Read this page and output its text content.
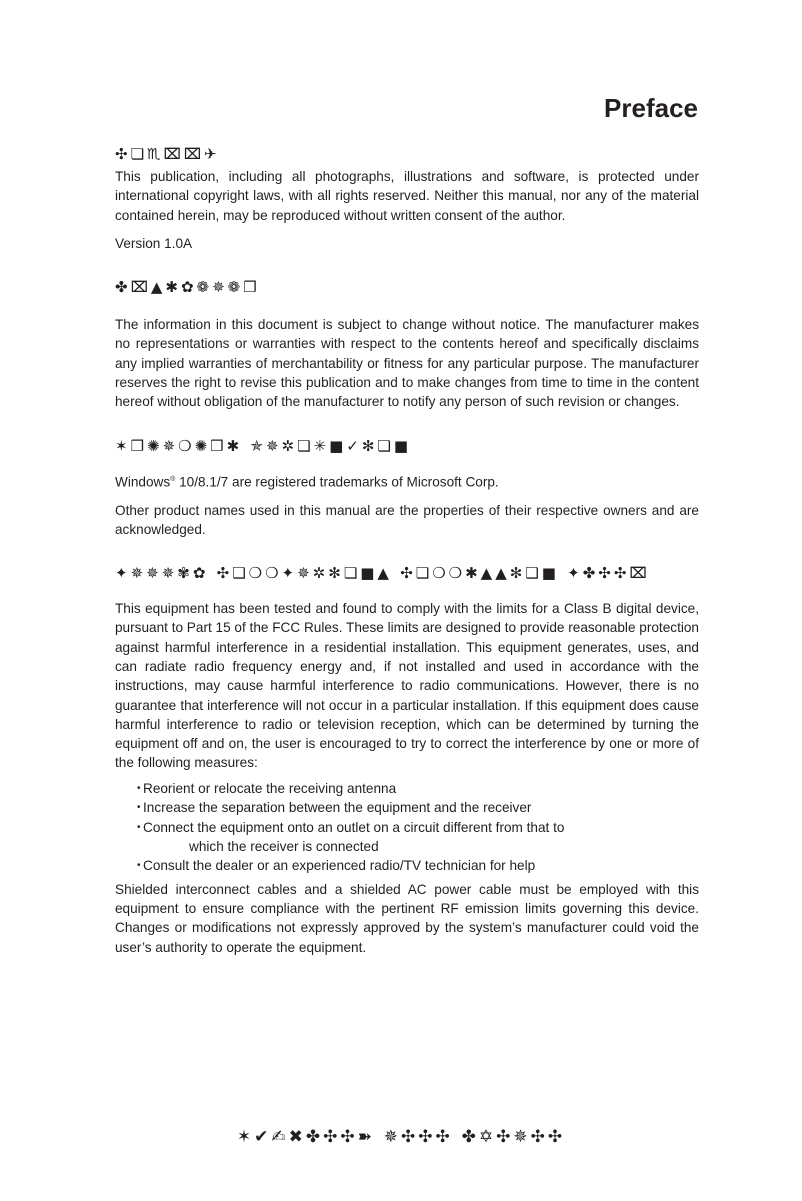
Preface
✣❏♏⌧⌧✈

This publication, including all photographs, illustrations and software, is protected under international copyright laws, with all rights reserved. Neither this manual, nor any of the material contained herein, may be reproduced without written consent of the author.

Version 1.0A

✤⌧▲✱✿❁✵❁❒

The information in this document is subject to change without notice. The manufacturer makes no representations or warranties with respect to the contents hereof and specifically disclaims any implied warranties of merchantability or fitness for any particular purpose. The manufacturer reserves the right to revise this publication and to make changes from time to time in the content hereof without obligation of the manufacturer to notify any person of such revision or changes.

✶❒✺✵❍✺❒✱ ✯✵✲❏✳■✓✻❏■

Windows® 10/8.1/7 are registered trademarks of Microsoft Corp.

Other product names used in this manual are the properties of their respective owners and are acknowledged.

✦✵✵✵✾✿ ✣❏❍❍✦✵✲✻❏■▲ ✣❏❍❍✱▲▲✻❏■ ✦✤✣✣⌧

This equipment has been tested and found to comply with the limits for a Class B digital device, pursuant to Part 15 of the FCC Rules. These limits are designed to provide reasonable protection against harmful interference in a residential installation. This equipment generates, uses, and can radiate radio frequency energy and, if not installed and used in accordance with the instructions, may cause harmful interference to radio communications. However, there is no guarantee that interference will not occur in a particular installation. If this equipment does cause harmful interference to radio or television reception, which can be determined by turning the equipment off and on, the user is encouraged to try to correct the interference by one or more of the following measures:

• Reorient or relocate the receiving antenna
• Increase the separation between the equipment and the receiver
• Connect the equipment onto an outlet on a circuit different from that to
which the receiver is connected
• Consult the dealer or an experienced radio/TV technician for help

Shielded interconnect cables and a shielded AC power cable must be employed with this equipment to ensure compliance with the pertinent RF emission limits governing this device. Changes or modifications not expressly approved by the system’s manufacturer could void the user’s authority to operate the equipment.

✶✔✍✖✤✣✣➽ ✵✣✣✣ ✤✡✣✵✣✣
